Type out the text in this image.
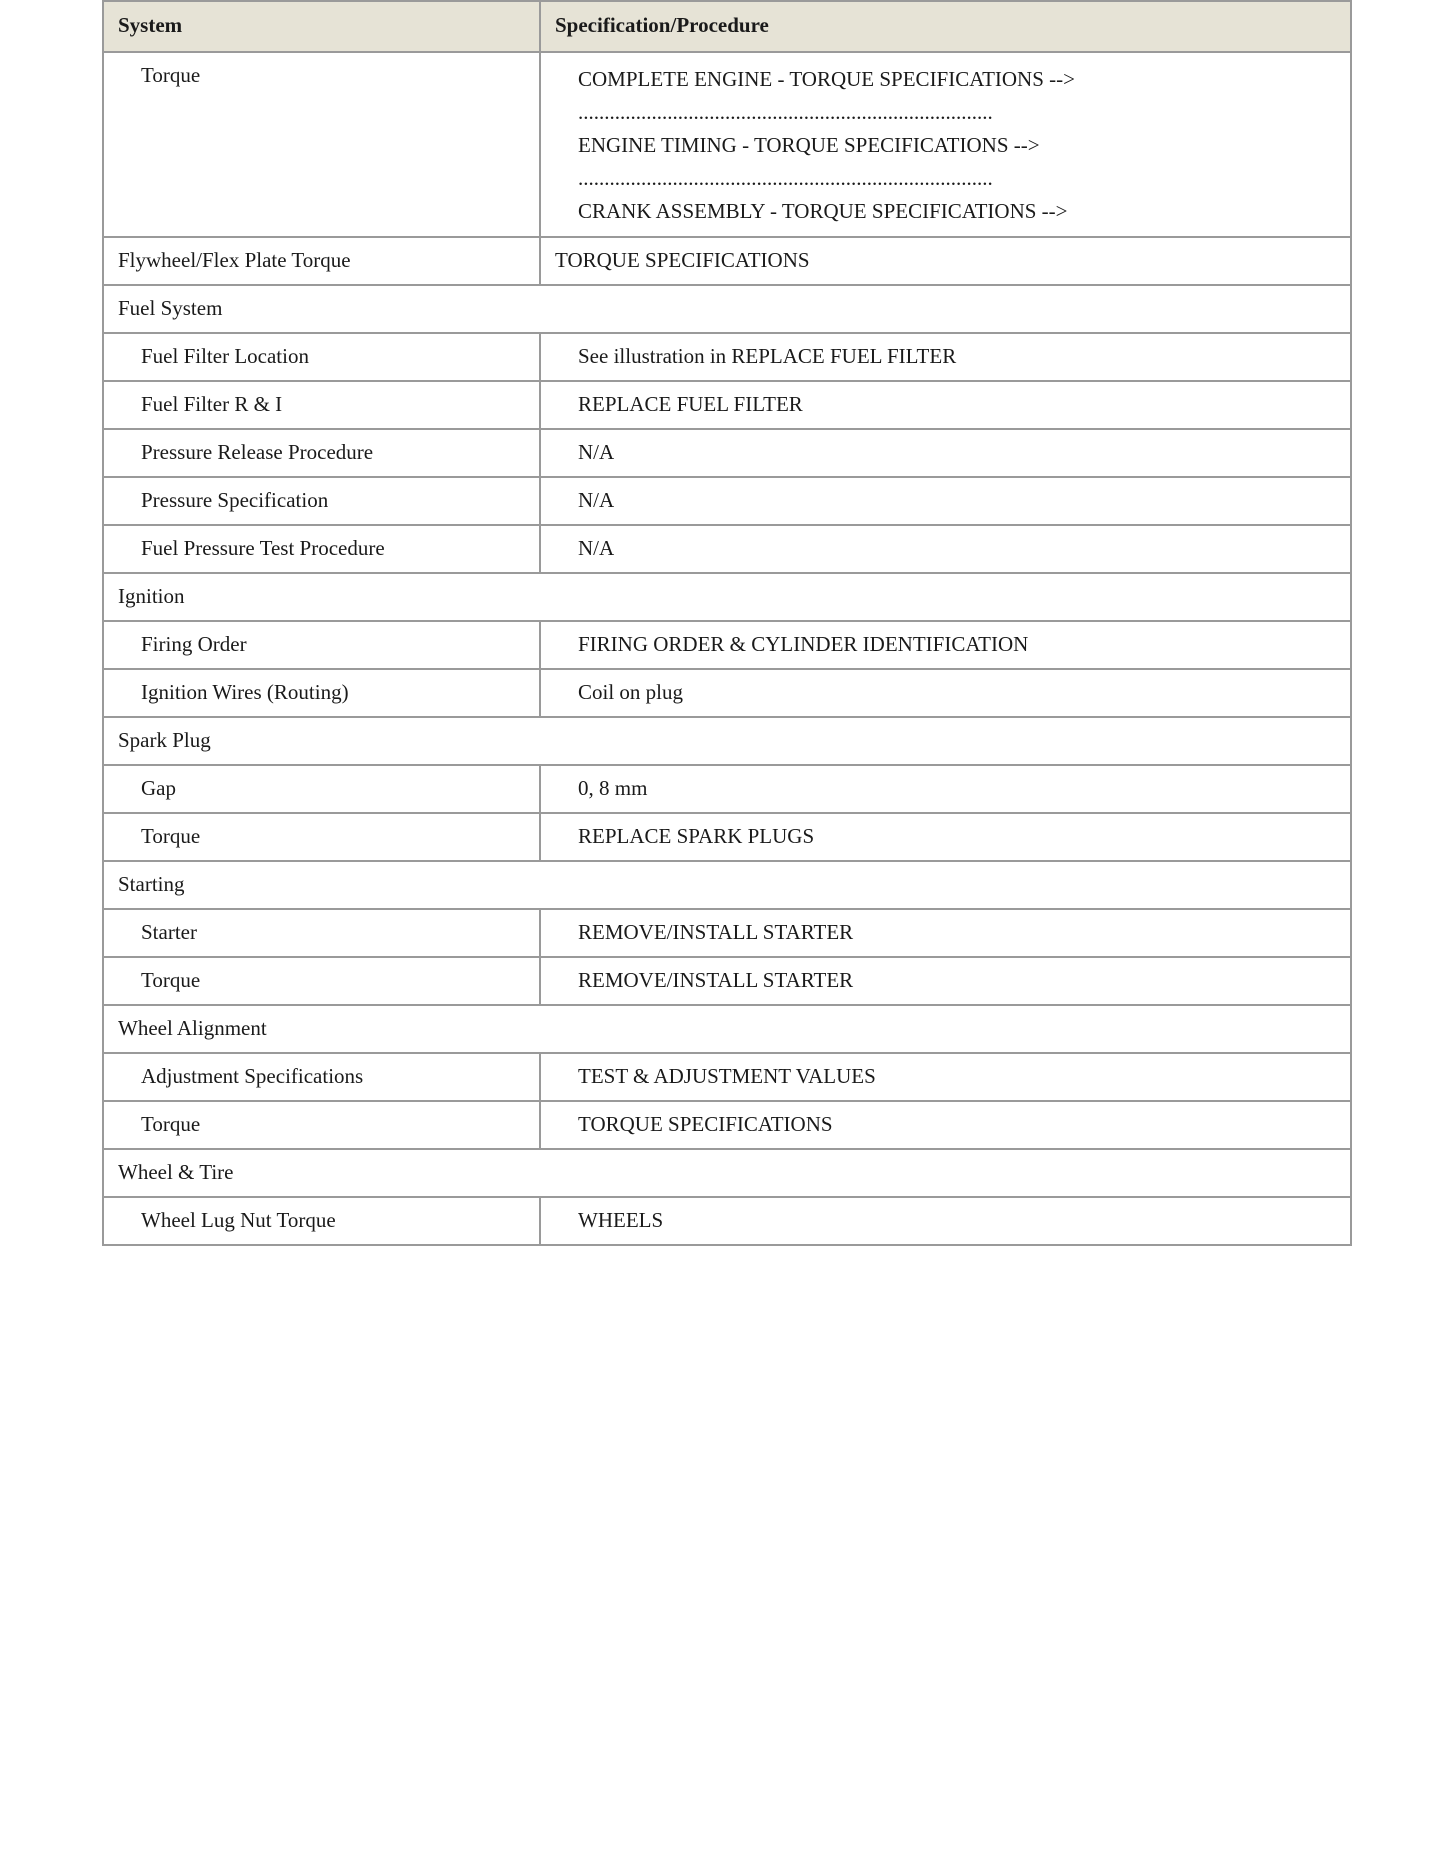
System	Specification/Procedure
Torque	COMPLETE ENGINE - TORQUE SPECIFICATIONS -->
...............................................................................
ENGINE TIMING - TORQUE SPECIFICATIONS -->
...............................................................................
CRANK ASSEMBLY - TORQUE SPECIFICATIONS -->

Flywheel/Flex Plate Torque	TORQUE SPECIFICATIONS
Fuel System	
Fuel Filter Location	See illustration in REPLACE FUEL FILTER
Fuel Filter R & I	REPLACE FUEL FILTER
Pressure Release Procedure	N/A
Pressure Specification	N/A
Fuel Pressure Test Procedure	N/A
Ignition	
Firing Order	FIRING ORDER & CYLINDER IDENTIFICATION
Ignition Wires (Routing)	Coil on plug
Spark Plug	
Gap	0, 8 mm
Torque	REPLACE SPARK PLUGS
Starting	
Starter	REMOVE/INSTALL STARTER
Torque	REMOVE/INSTALL STARTER
Wheel Alignment	
Adjustment Specifications	TEST & ADJUSTMENT VALUES
Torque	TORQUE SPECIFICATIONS
Wheel & Tire	
Wheel Lug Nut Torque	WHEELS
